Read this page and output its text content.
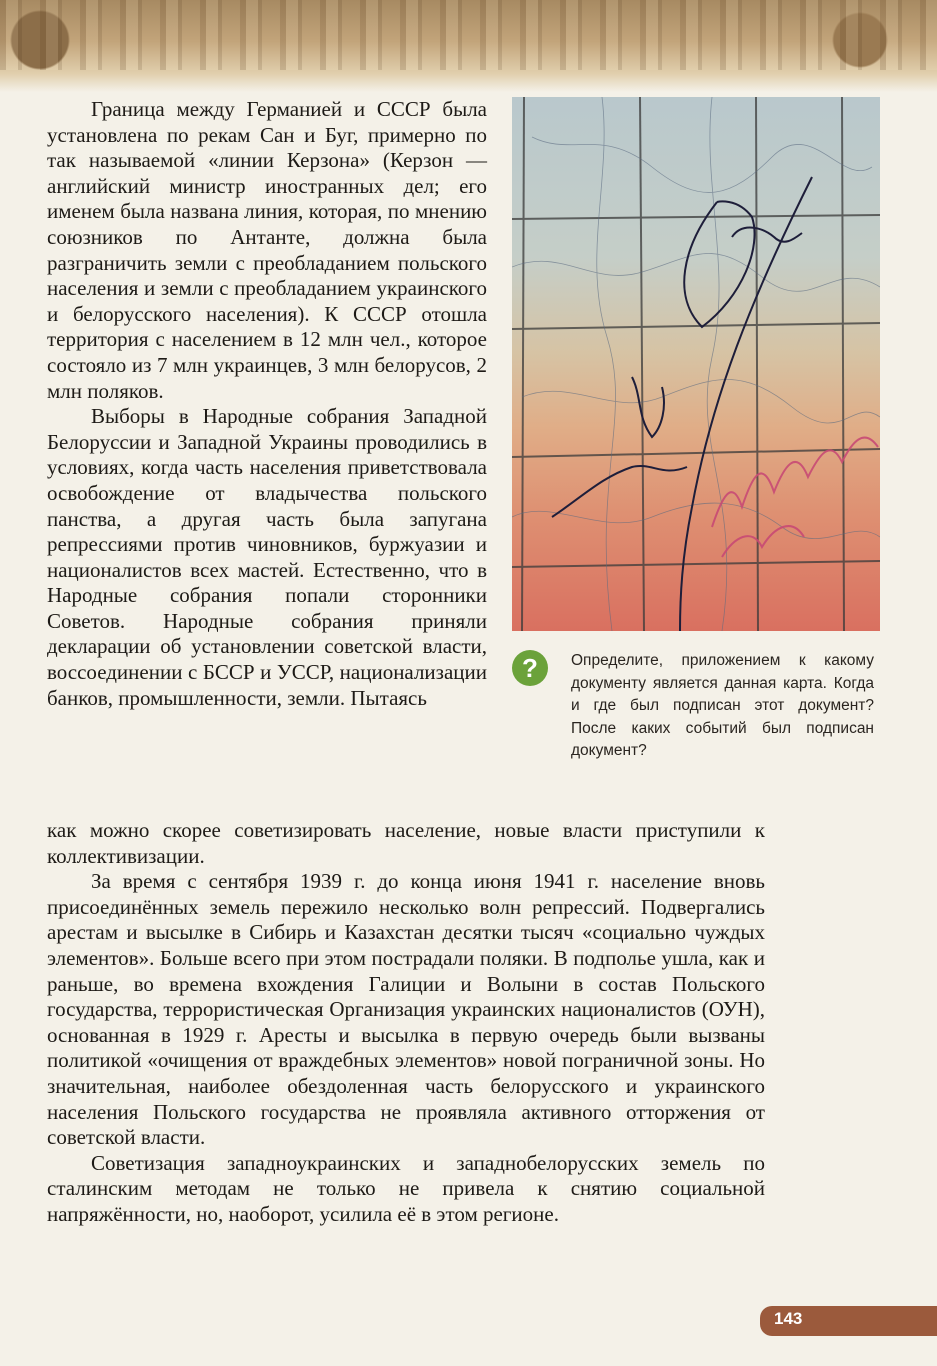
Граница между Германией и СССР была установлена по рекам Сан и Буг, примерно по так называемой «линии Керзона» (Керзон — английский министр иностранных дел; его именем была названа линия, которая, по мнению союзников по Антанте, должна была разграничить земли с преобладанием польского населения и земли с преобладанием украинского и белорусского населения). К СССР отошла территория с населением в 12 млн чел., которое состояло из 7 млн украинцев, 3 млн белорусов, 2 млн поляков.

Выборы в Народные собрания Западной Белоруссии и Западной Украины проводились в условиях, когда часть населения приветствовала освобождение от владычества польского панства, а другая часть была запугана репрессиями против чиновников, буржуазии и националистов всех мастей. Естественно, что в Народные собрания попали сторонники Советов. Народные собрания приняли декларации об установлении советской власти, воссоединении с БССР и УССР, национализации банков, промышленности, земли. Пытаясь

?	Определите, приложением к какому документу является данная карта. Когда и где был подписан этот документ? После каких событий был подписан документ?

как можно скорее советизировать население, новые власти приступили к коллективизации.

За время с сентября 1939 г. до конца июня 1941 г. население вновь присоединённых земель пережило несколько волн репрессий. Подвергались арестам и высылке в Сибирь и Казахстан десятки тысяч «социально чуждых элементов». Больше всего при этом пострадали поляки. В подполье ушла, как и раньше, во времена вхождения Галиции и Волыни в состав Польского государства, террористическая Организация украинских националистов (ОУН), основанная в 1929 г. Аресты и высылка в первую очередь были вызваны политикой «очищения от враждебных элементов» новой пограничной зоны. Но значительная, наиболее обездоленная часть белорусского и украинского населения Польского государства не проявляла активного отторжения от советской власти.

Советизация западноукраинских и западнобелорусских земель по сталинским методам не только не привела к снятию социальной напряжённости, но, наоборот, усилила её в этом регионе.

143
